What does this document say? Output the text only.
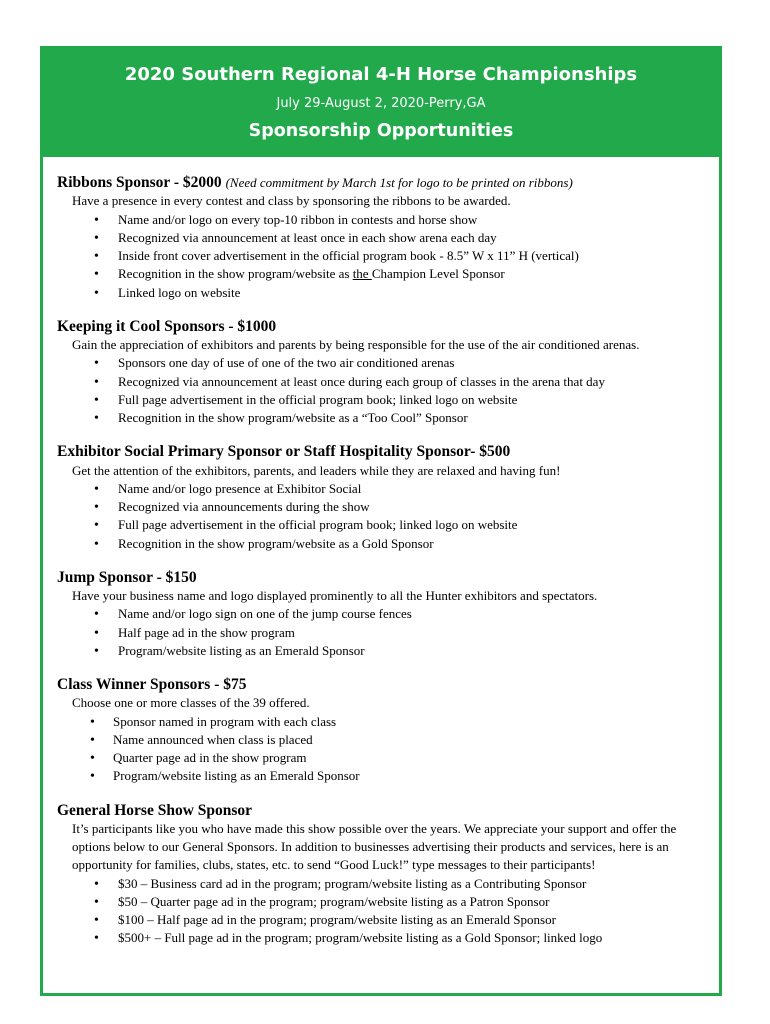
2020 Southern Regional 4-H Horse Championships
July 29-August 2, 2020-Perry,GA
Sponsorship Opportunities
Ribbons Sponsor - $2000 (Need commitment by March 1st for logo to be printed on ribbons)
Have a presence in every contest and class by sponsoring the ribbons to be awarded.
•
Name and/or logo on every top-10 ribbon in contests and horse show
•
Recognized via announcement at least once in each show arena each day
•
Inside front cover advertisement in the official program book - 8.5” W x 11” H (vertical)
•
Recognition in the show program/website as the Champion Level Sponsor
•
Linked logo on website
Keeping it Cool Sponsors - $1000
Gain the appreciation of exhibitors and parents by being responsible for the use of the air conditioned arenas.
•
Sponsors one day of use of one of the two air conditioned arenas
•
Recognized via announcement at least once during each group of classes in the arena that day
•
Full page advertisement in the official program book; linked logo on website
•
Recognition in the show program/website as a “Too Cool” Sponsor
Exhibitor Social Primary Sponsor or Staff Hospitality Sponsor- $500
Get the attention of the exhibitors, parents, and leaders while they are relaxed and having fun!
•
Name and/or logo presence at Exhibitor Social
•
Recognized via announcements during the show
•
Full page advertisement in the official program book; linked logo on website
•
Recognition in the show program/website as a Gold Sponsor
Jump Sponsor - $150
Have your business name and logo displayed prominently to all the Hunter exhibitors and spectators.
•
Name and/or logo sign on one of the jump course fences
•
Half page ad in the show program
•
Program/website listing as an Emerald Sponsor
Class Winner Sponsors - $75
Choose one or more classes of the 39 offered.
•
Sponsor named in program with each class
•
Name announced when class is placed
•
Quarter page ad in the show program
•
Program/website listing as an Emerald Sponsor
General Horse Show Sponsor
It’s participants like you who have made this show possible over the years. We appreciate your support and offer the options below to our General Sponsors. In addition to businesses advertising their products and services, here is an opportunity for families, clubs, states, etc. to send “Good Luck!” type messages to their participants!
•
$30 – Business card ad in the program; program/website listing as a Contributing Sponsor
•
$50 – Quarter page ad in the program; program/website listing as a Patron Sponsor
•
$100 – Half page ad in the program; program/website listing as an Emerald Sponsor
•
$500+ – Full page ad in the program; program/website listing as a Gold Sponsor; linked logo
